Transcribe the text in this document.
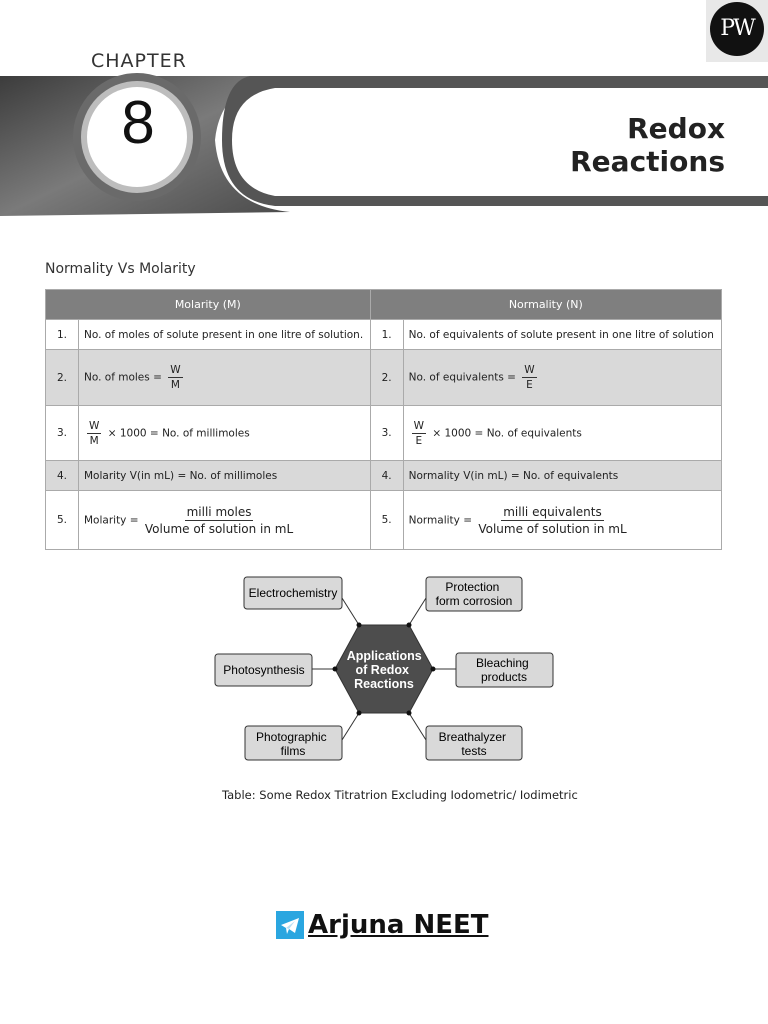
CHAPTER
8	Redox Reactions
PW
Normality Vs Molarity
Molarity (M)		Normality (N)	
1.	No. of moles of solute present in one litre of solution.	1.	No. of equivalents of solute present in one litre of solution
2.	No. of moles = $\frac{W}{M}$	2.	No. of equivalents = $\frac{W}{E}$

3.	$\frac{W}{M} \times 1000 = No$. of millimoles	3.	$\frac{W}{E} \times 1000 = No$. of equivalents
4.	Molarity V(in mL) = No. of millimoles	4.	Normality V(in mL) = No. of equivalents
5.	Molarity = $\frac{\text{milli moles}}{\text{Volume of solution in mL}}$	5.	Normality = $\frac{\text{milli equivalents}}{\text{Volume of solution in mL}}$
Applications of Redox Reactions
Electrochemistry	Protection form corrosion
Photosynthesis	Bleaching products
Photographic films
Breathalyzer tests
Table: Some Redox Titratrion Excluding Iodometric/ Iodimetric
Arjuna NEET
